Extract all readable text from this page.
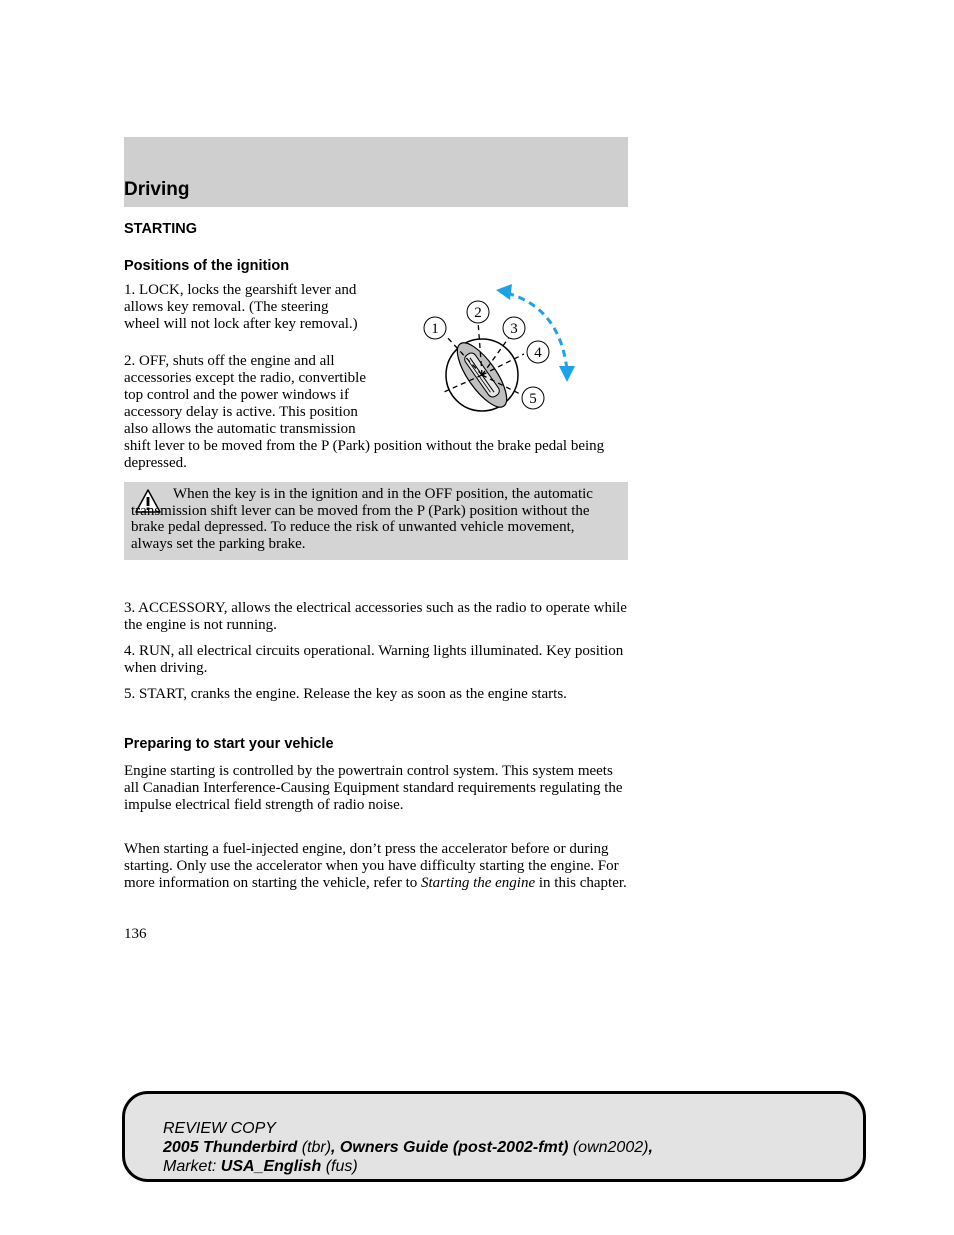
Driving
STARTING
Positions of the ignition

1. LOCK, locks the gearshift lever and allows key removal. (The steering wheel will not lock after key removal.)

2. OFF, shuts off the engine and all accessories except the radio, convertible top control and the power windows if accessory delay is active. This position also allows the automatic transmission shift lever to be moved from the P (Park) position without the brake pedal being depressed.
1
2
3
4
5

When the key is in the ignition and in the OFF position, the automatic transmission shift lever can be moved from the P (Park) position without the brake pedal depressed. To reduce the risk of unwanted vehicle movement, always set the parking brake.

3. ACCESSORY, allows the electrical accessories such as the radio to operate while the engine is not running.

4. RUN, all electrical circuits operational. Warning lights illuminated. Key position when driving.

5. START, cranks the engine. Release the key as soon as the engine starts.

Preparing to start your vehicle

Engine starting is controlled by the powertrain control system. This system meets all Canadian Interference-Causing Equipment standard requirements regulating the impulse electrical field strength of radio noise.

When starting a fuel-injected engine, don’t press the accelerator before or during starting. Only use the accelerator when you have difficulty starting the engine. For more information on starting the vehicle, refer to Starting the engine in this chapter.

136
REVIEW COPY
2005 Thunderbird (tbr), Owners Guide (post-2002-fmt) (own2002),
Market: USA_English (fus)
